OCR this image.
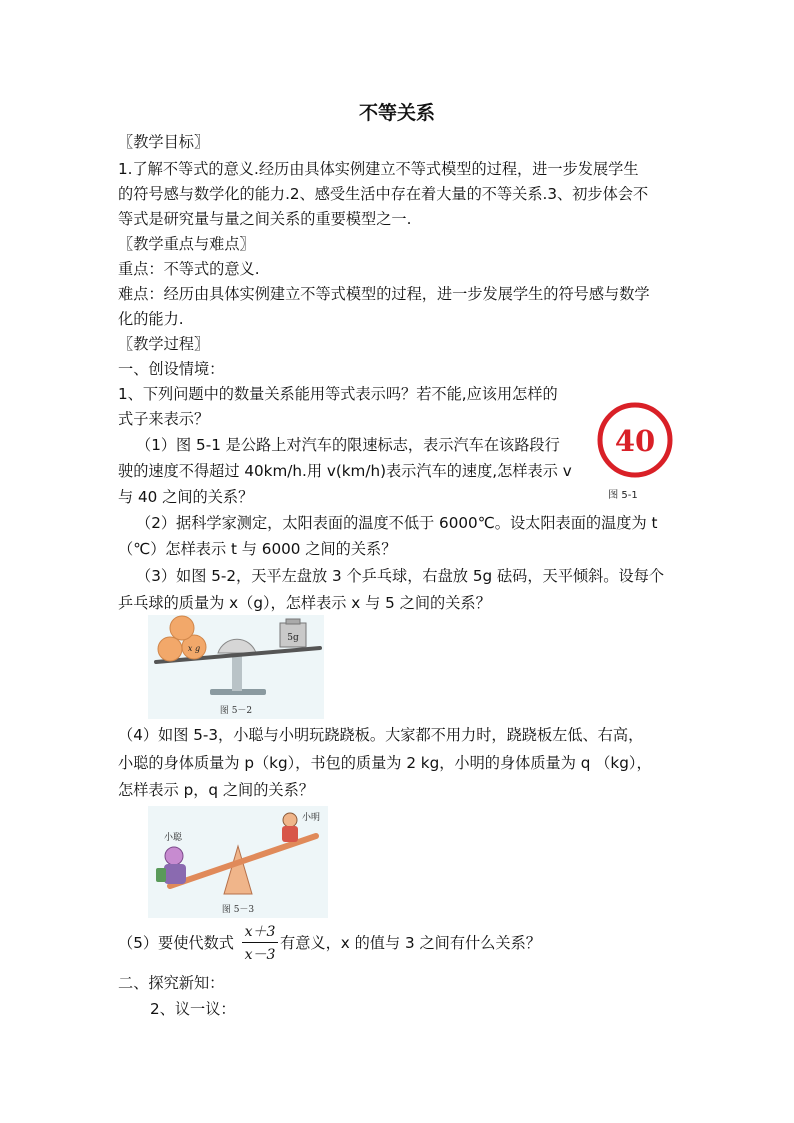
不等关系
〖教学目标〗
1.了解不等式的意义.经历由具体实例建立不等式模型的过程，进一步发展学生
的符号感与数学化的能力.2、感受生活中存在着大量的不等关系.3、初步体会不
等式是研究量与量之间关系的重要模型之一.
〖教学重点与难点〗
重点：不等式的意义.
难点：经历由具体实例建立不等式模型的过程，进一步发展学生的符号感与数学
化的能力.
〖教学过程〗
一、创设情境：
1、下列问题中的数量关系能用等式表示吗？若不能,应该用怎样的
式子来表示？
（1）图 5-1 是公路上对汽车的限速标志，表示汽车在该路段行
驶的速度不得超过 40km/h.用 v(km/h)表示汽车的速度,怎样表示 v
与 40 之间的关系？
（2）据科学家测定，太阳表面的温度不低于 6000℃。设太阳表面的温度为 t
（℃）怎样表示 t 与 6000 之间的关系？
（3）如图 5-2，天平左盘放 3 个乒乓球，右盘放 5g 砝码，天平倾斜。设每个
乒乓球的质量为 x（g），怎样表示 x 与 5 之间的关系？
40
图 5-1
x g
5g
图 5－2
（4）如图 5-3，小聪与小明玩跷跷板。大家都不用力时，跷跷板左低、右高，
小聪的身体质量为 p（kg），书包的质量为 2 kg，小明的身体质量为 q （kg），
怎样表示 p，q 之间的关系？
小聪
小明
图 5－3
（5）要使代数式
x＋3
x－3
有意义，x 的值与 3 之间有什么关系？
二、探究新知：
2、议一议：
